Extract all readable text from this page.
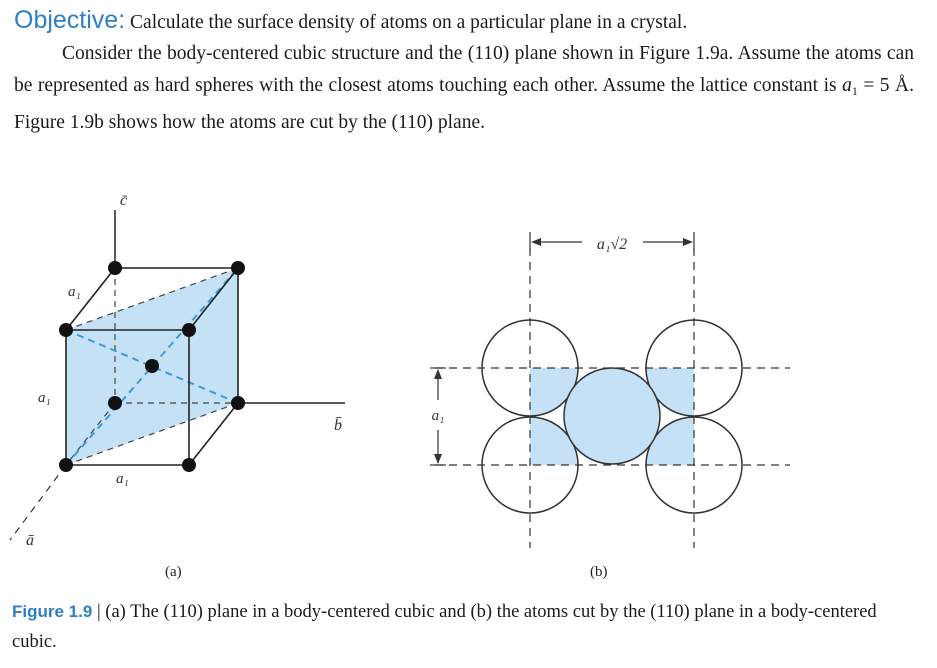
Objective: Calculate the surface density of atoms on a particular plane in a crystal.
Consider the body-centered cubic structure and the (110) plane shown in Figure 1.9a. Assume the atoms can be represented as hard spheres with the closest atoms touching each other. Assume the lattice constant is $a_1 = 5$ Å. Figure 1.9b shows how the atoms are cut by the (110) plane.
c̄
b̄
ā
a₁
a₁
a₁
(a)
a₁√2
a₁
(b)
Figure 1.9 | (a) The (110) plane in a body-centered cubic and (b) the atoms cut by the (110) plane in a body-centered cubic.
